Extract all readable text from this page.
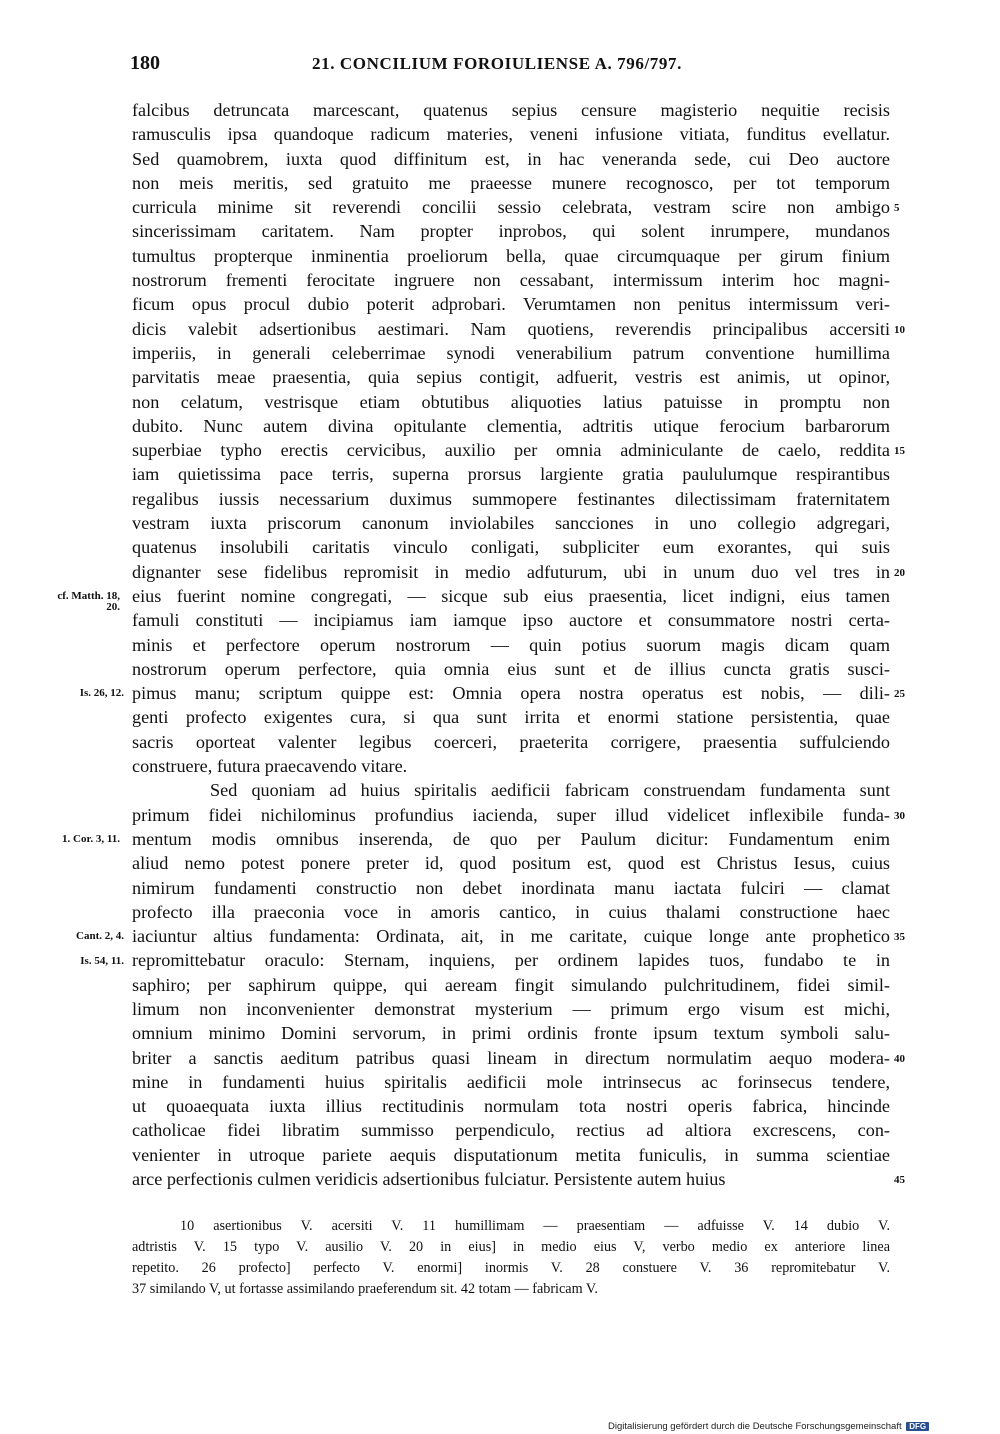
180	21. CONCILIUM FOROIULIENSE A. 796/797.
falcibus detruncata marcescant, quatenus sepius censure magisterio nequitie recisis
ramusculis ipsa quandoque radicum materies, veneni infusione vitiata, funditus evellatur.
Sed quamobrem, iuxta quod diffinitum est, in hac veneranda sede, cui Deo auctore
non meis meritis, sed gratuito me praeesse munere recognosco, per tot temporum
curricula minime sit reverendi concilii sessio celebrata, vestram scire non ambigo
sincerissimam caritatem. Nam propter inprobos, qui solent inrumpere, mundanos
tumultus propterque inminentia proeliorum bella, quae circumquaque per girum finium
nostrorum frementi ferocitate ingruere non cessabant, intermissum interim hoc magni-
ficum opus procul dubio poterit adprobari. Verumtamen non penitus intermissum veri-
dicis valebit adsertionibus aestimari. Nam quotiens, reverendis principalibus accersiti
imperiis, in generali celeberrimae synodi venerabilium patrum conventione humillima
parvitatis meae praesentia, quia sepius contigit, adfuerit, vestris est animis, ut opinor,
non celatum, vestrisque etiam obtutibus aliquoties latius patuisse in promptu non
dubito. Nunc autem divina opitulante clementia, adtritis utique ferocium barbarorum
superbiae typho erectis cervicibus, auxilio per omnia adminiculante de caelo, reddita
iam quietissima pace terris, superna prorsus largiente gratia paululumque respirantibus
regalibus iussis necessarium duximus summopere festinantes dilectissimam fraternitatem
vestram iuxta priscorum canonum inviolabiles sancciones in uno collegio adgregari,
quatenus insolubili caritatis vinculo conligati, subpliciter eum exorantes, qui suis
dignanter sese fidelibus repromisit in medio adfuturum, ubi in unum duo vel tres in
eius fuerint nomine congregati, — sicque sub eius praesentia, licet indigni, eius tamen
famuli constituti — incipiamus iam iamque ipso auctore et consummatore nostri certa-
minis et perfectore operum nostrorum — quin potius suorum magis dicam quam
nostrorum operum perfectore, quia omnia eius sunt et de illius cuncta gratis susci-
pimus manu; scriptum quippe est: Omnia opera nostra operatus est nobis, — dili-
genti profecto exigentes cura, si qua sunt irrita et enormi statione persistentia, quae
sacris oporteat valenter legibus coerceri, praeterita corrigere, praesentia suffulciendo
construere, futura praecavendo vitare.
Sed quoniam ad huius spiritalis aedificii fabricam construendam fundamenta sunt
primum fidei nichilominus profundius iacienda, super illud videlicet inflexibile funda-
mentum modis omnibus inserenda, de quo per Paulum dicitur: Fundamentum enim
aliud nemo potest ponere preter id, quod positum est, quod est Christus Iesus, cuius
nimirum fundamenti constructio non debet inordinata manu iactata fulciri — clamat
profecto illa praeconia voce in amoris cantico, in cuius thalami constructione haec
iaciuntur altius fundamenta: Ordinata, ait, in me caritate, cuique longe ante prophetico
repromittebatur oraculo: Sternam, inquiens, per ordinem lapides tuos, fundabo te in
saphiro; per saphirum quippe, qui aeream fingit simulando pulchritudinem, fidei simil-
limum non inconvenienter demonstrat mysterium — primum ergo visum est michi,
omnium minimo Domini servorum, in primi ordinis fronte ipsum textum symboli salu-
briter a sanctis aeditum patribus quasi lineam in directum normulatim aequo modera-
mine in fundamenti huius spiritalis aedificii mole intrinsecus ac forinsecus tendere,
ut quoaequata iuxta illius rectitudinis normulam tota nostri operis fabrica, hincinde
catholicae fidei libratim summisso perpendiculo, rectius ad altiora excrescens, con-
venienter in utroque pariete aequis disputationum metita funiculis, in summa scientiae
arce perfectionis culmen veridicis adsertionibus fulciatur. Persistente autem huius
cf. Matth. 18, 20.
Is. 26, 12.
1. Cor. 3, 11.
Cant. 2, 4.
Is. 54, 11.
5
10
15
20
25
30
35
40
45
10 asertionibus V. acersiti V. 11 humillimam — praesentiam — adfuisse V. 14 dubio V.
adtristis V. 15 typo V. ausilio V. 20 in eius] in medio eius V, verbo medio ex anteriore linea
repetito. 26 profecto] perfecto V. enormi] inormis V. 28 constuere V. 36 repromitebatur V.
37 similando V, ut fortasse assimilando praeferendum sit. 42 totam — fabricam V.
Digitalisierung gefördert durch die Deutsche Forschungsgemeinschaft DFG
